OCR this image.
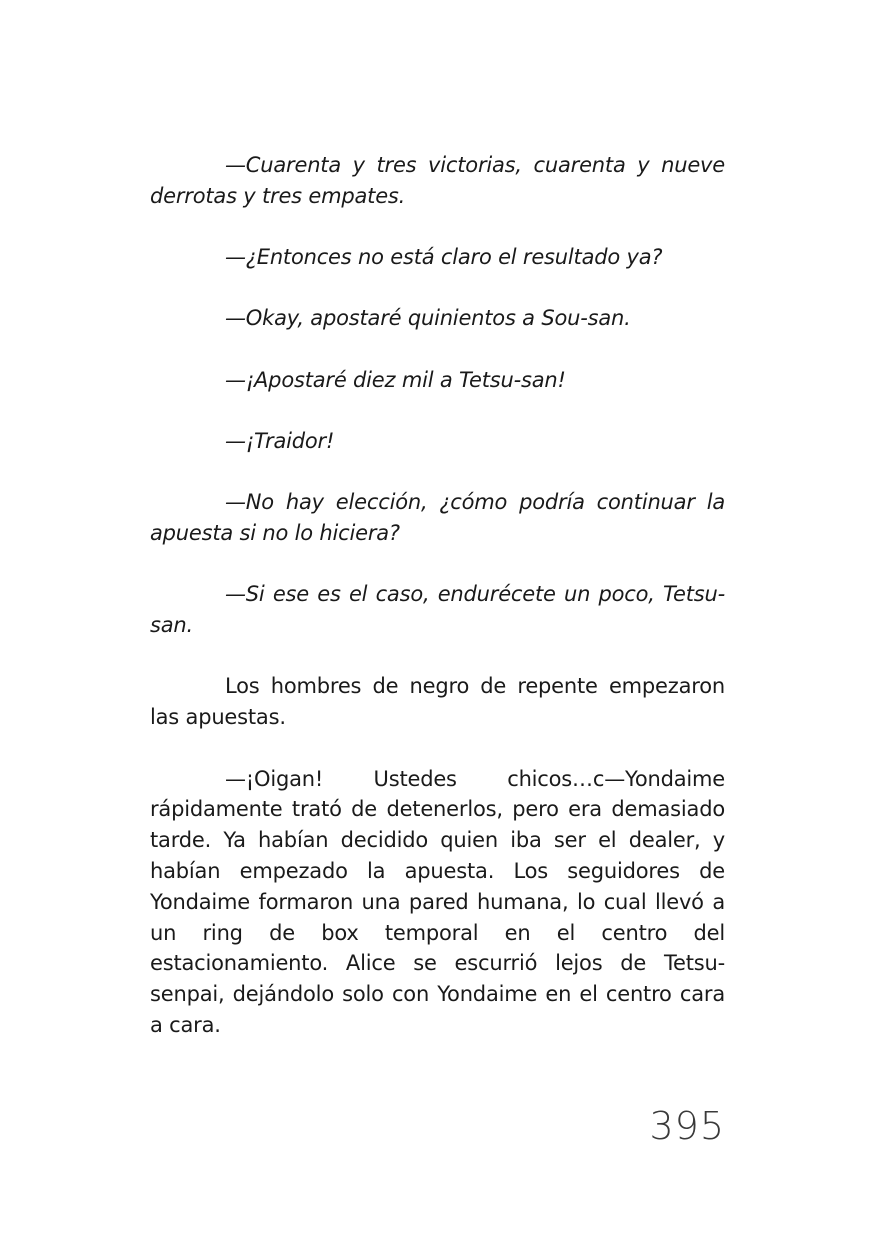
—Cuarenta y tres victorias, cuarenta y nueve derrotas y tres empates.

—¿Entonces no está claro el resultado ya?

—Okay, apostaré quinientos a Sou-san.

—¡Apostaré diez mil a Tetsu-san!

—¡Traidor!

—No hay elección, ¿cómo podría continuar la apuesta si no lo hiciera?

—Si ese es el caso, endurécete un poco, Tetsu-san.

Los hombres de negro de repente empezaron las apuestas.

—¡Oigan! Ustedes chicos…c—Yondaime rápidamente trató de detenerlos, pero era demasiado tarde. Ya habían decidido quien iba ser el dealer, y habían empezado la apuesta. Los seguidores de Yondaime formaron una pared humana, lo cual llevó a un ring de box temporal en el centro del estacionamiento. Alice se escurrió lejos de Tetsu-senpai, dejándolo solo con Yondaime en el centro cara a cara.

395
